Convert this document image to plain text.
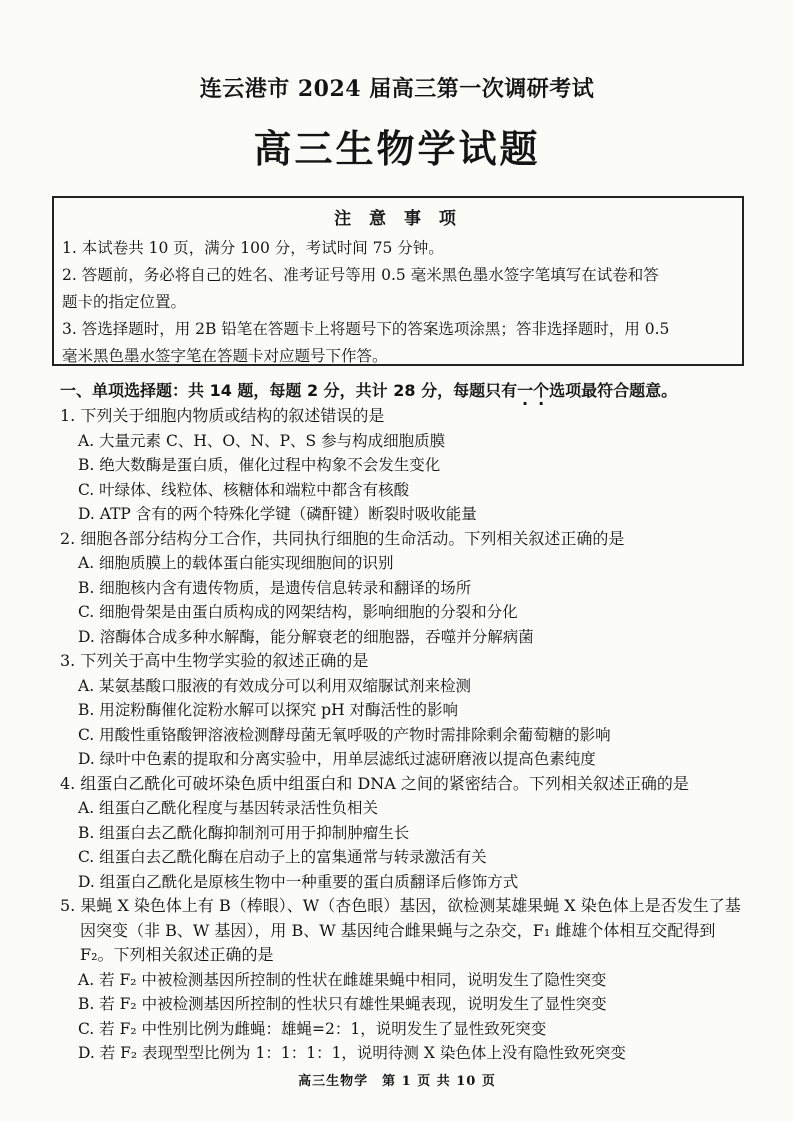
连云港市 2024 届高三第一次调研考试
高三生物学试题
注 意 事 项
1. 本试卷共 10 页，满分 100 分，考试时间 75 分钟。
2. 答题前，务必将自己的姓名、准考证号等用 0.5 毫米黑色墨水签字笔填写在试卷和答
题卡的指定位置。
3. 答选择题时，用 2B 铅笔在答题卡上将题号下的答案选项涂黑；答非选择题时，用 0.5
毫米黑色墨水签字笔在答题卡对应题号下作答。
一、单项选择题：共 14 题，每题 2 分，共计 28 分，每题只有一个选项最符合题意。
1. 下列关于细胞内物质或结构的叙述错误的是
A. 大量元素 C、H、O、N、P、S 参与构成细胞质膜
B. 绝大数酶是蛋白质，催化过程中构象不会发生变化
C. 叶绿体、线粒体、核糖体和端粒中都含有核酸
D. ATP 含有的两个特殊化学键（磷酐键）断裂时吸收能量
2. 细胞各部分结构分工合作，共同执行细胞的生命活动。下列相关叙述正确的是
A. 细胞质膜上的载体蛋白能实现细胞间的识别
B. 细胞核内含有遗传物质，是遗传信息转录和翻译的场所
C. 细胞骨架是由蛋白质构成的网架结构，影响细胞的分裂和分化
D. 溶酶体合成多种水解酶，能分解衰老的细胞器，吞噬并分解病菌
3. 下列关于高中生物学实验的叙述正确的是
A. 某氨基酸口服液的有效成分可以利用双缩脲试剂来检测
B. 用淀粉酶催化淀粉水解可以探究 pH 对酶活性的影响
C. 用酸性重铬酸钾溶液检测酵母菌无氧呼吸的产物时需排除剩余葡萄糖的影响
D. 绿叶中色素的提取和分离实验中，用单层滤纸过滤研磨液以提高色素纯度
4. 组蛋白乙酰化可破坏染色质中组蛋白和 DNA 之间的紧密结合。下列相关叙述正确的是
A. 组蛋白乙酰化程度与基因转录活性负相关
B. 组蛋白去乙酰化酶抑制剂可用于抑制肿瘤生长
C. 组蛋白去乙酰化酶在启动子上的富集通常与转录激活有关
D. 组蛋白乙酰化是原核生物中一种重要的蛋白质翻译后修饰方式
5. 果蝇 X 染色体上有 B（棒眼）、W（杏色眼）基因，欲检测某雄果蝇 X 染色体上是否发生了基因突变（非 B、W 基因），用 B、W 基因纯合雌果蝇与之杂交，F₁ 雌雄个体相互交配得到 F₂。下列相关叙述正确的是
A. 若 F₂ 中被检测基因所控制的性状在雌雄果蝇中相同，说明发生了隐性突变
B. 若 F₂ 中被检测基因所控制的性状只有雄性果蝇表现，说明发生了显性突变
C. 若 F₂ 中性别比例为雌蝇：雄蝇=2：1，说明发生了显性致死突变
D. 若 F₂ 表现型型比例为 1：1：1：1，说明待测 X 染色体上没有隐性致死突变
高三生物学　第 1 页 共 10 页
